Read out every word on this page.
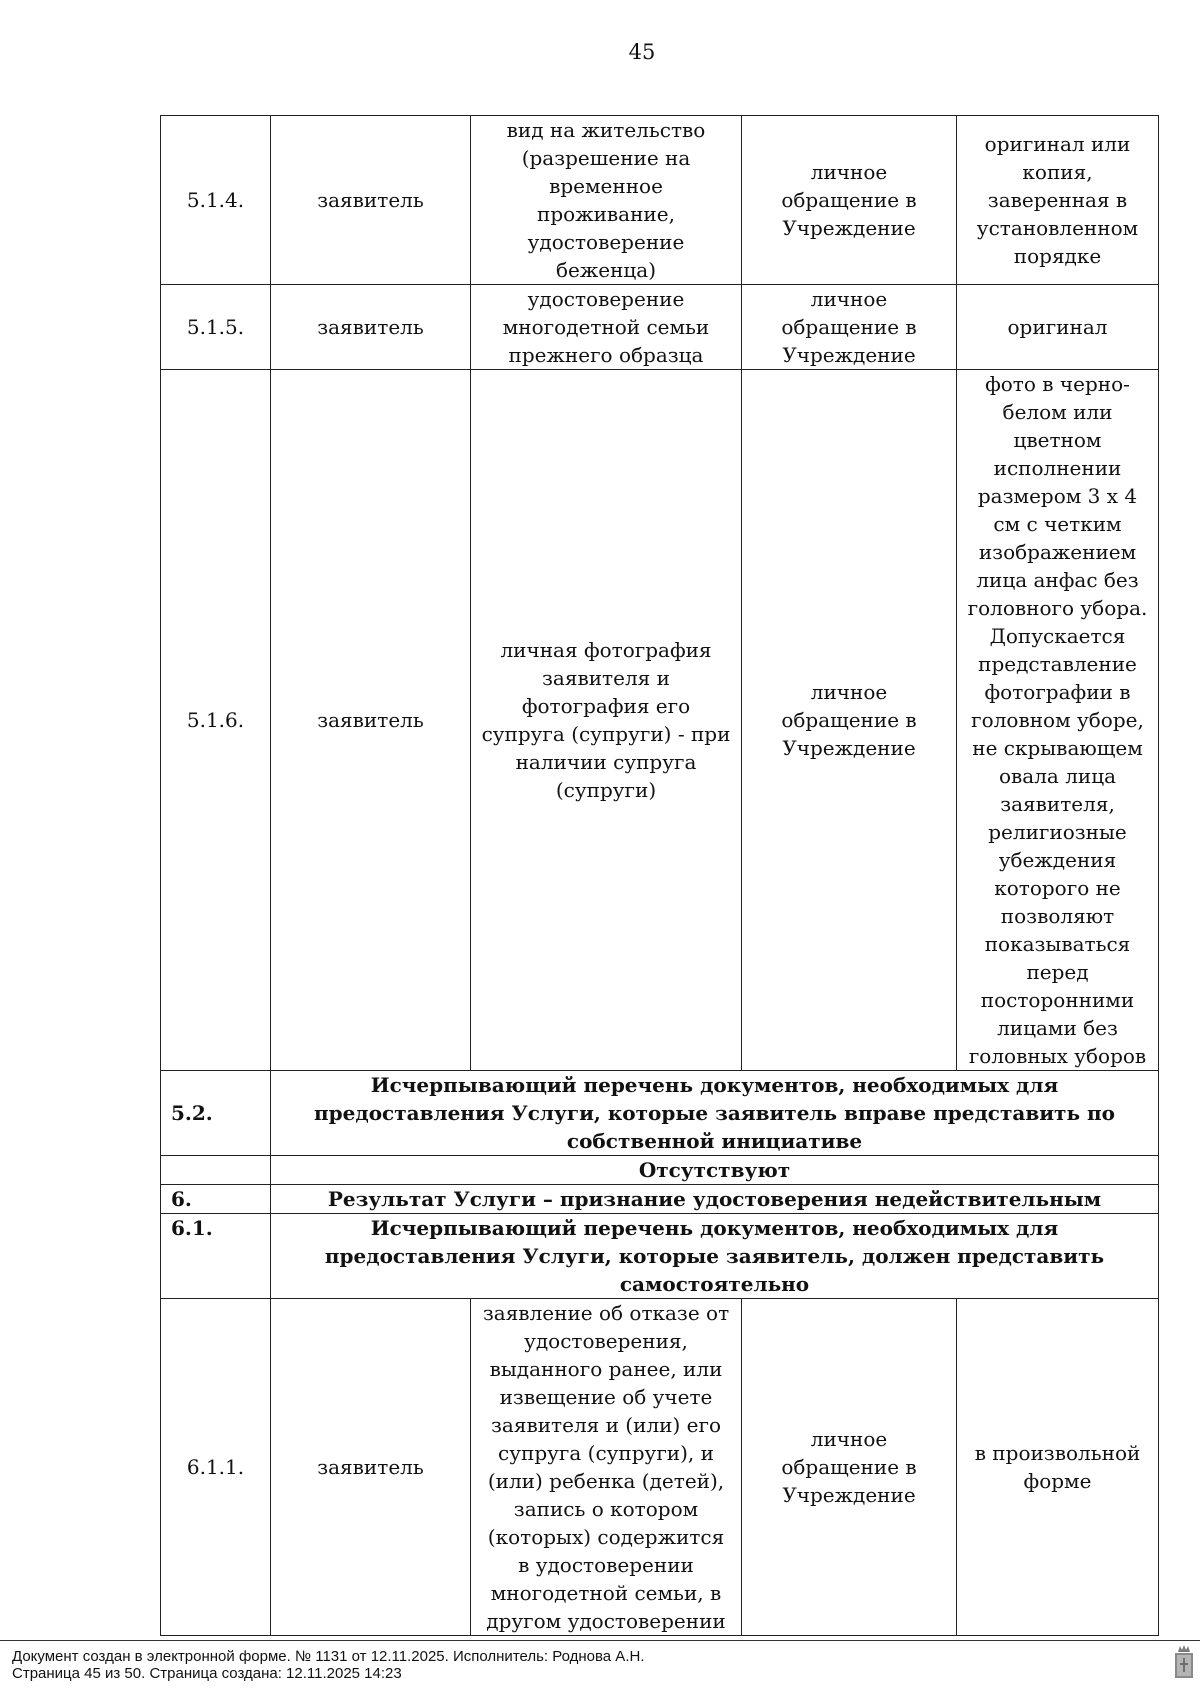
45
5.1.4.	заявитель	вид на жительство (разрешение на временное проживание, удостоверение беженца)	личное обращение в Учреждение	оригинал или копия, заверенная в установленном порядке
5.1.5.	заявитель	удостоверение многодетной семьи прежнего образца	личное обращение в Учреждение	оригинал
5.1.6.	заявитель	личная фотография заявителя и фотография его супруга (супруги) - при наличии супруга (супруги)	личное обращение в Учреждение	фото в черно-белом или цветном исполнении размером 3 х 4 см с четким изображением лица анфас без головного убора. Допускается представление фотографии в головном уборе, не скрывающем овала лица заявителя, религиозные убеждения которого не позволяют показываться перед посторонними лицами без головных уборов
5.2.	Исчерпывающий перечень документов, необходимых для предоставления Услуги, которые заявитель вправе представить по собственной инициативе			
	Отсутствуют			
6.	Результат Услуги – признание удостоверения недействительным			
6.1.	Исчерпывающий перечень документов, необходимых для предоставления Услуги, которые заявитель, должен представить самостоятельно			
6.1.1.	заявитель	заявление об отказе от удостоверения, выданного ранее, или извещение об учете заявителя и (или) его супруга (супруги), и (или) ребенка (детей), запись о котором (которых) содержится в удостоверении многодетной семьи, в другом удостоверении	личное обращение в Учреждение	в произвольной форме
Документ создан в электронной форме. № 1131 от 12.11.2025. Исполнитель: Роднова А.Н.
Страница 45 из 50. Страница создана: 12.11.2025 14:23
